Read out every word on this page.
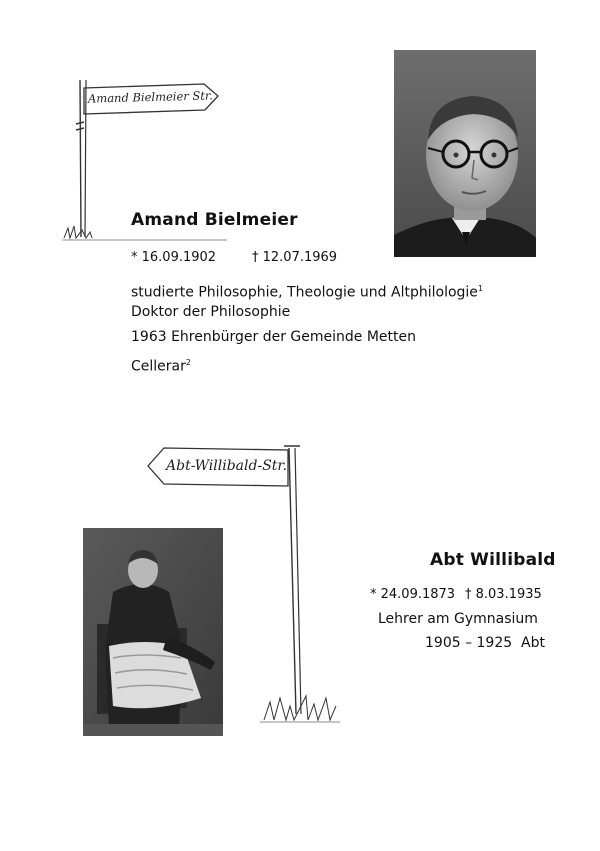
Amand Bielmeier Str.
Amand Bielmeier
* 16.09.1902	† 12.07.1969
studierte Philosophie, Theologie und Altphilologie$^1$
Doktor der Philosophie
1963 Ehrenbürger der Gemeinde Metten
Cellerar$^2$
Abt-Willibald-Str.
Abt Willibald
* 24.09.1873 † 8.03.1935
Lehrer am Gymnasium
1905 – 1925  Abt
